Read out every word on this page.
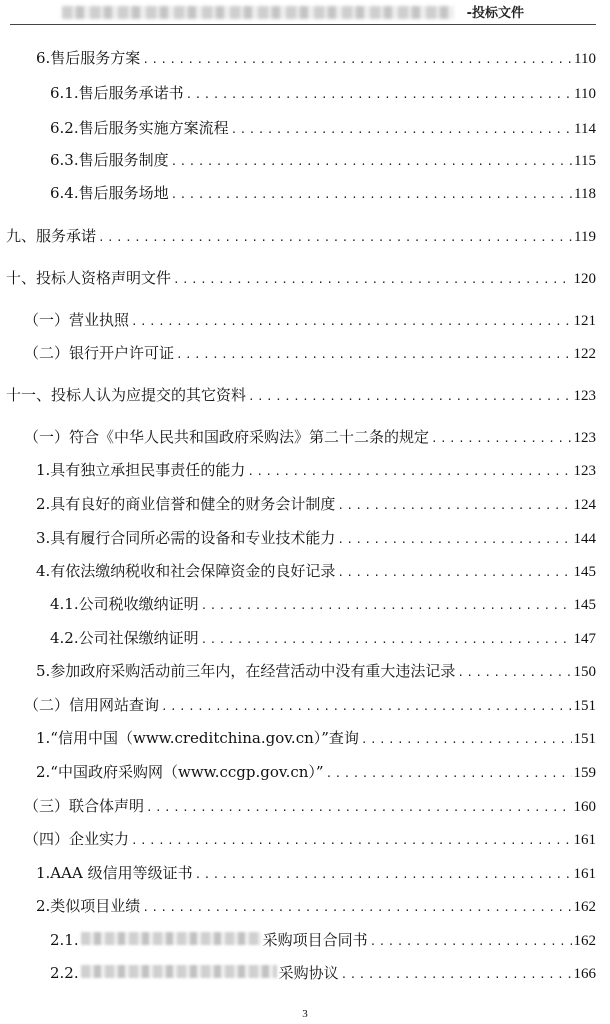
-投标文件
6.售后服务方案 .....	110
6.1.售后服务承诺书 .....	110
6.2.售后服务实施方案流程 .....	114
6.3.售后服务制度 .....	115
6.4.售后服务场地 .....	118
九、服务承诺 .....	119
十、投标人资格声明文件 .....	120
（一）营业执照 .....	121
（二）银行开户许可证 .....	122
十一、投标人认为应提交的其它资料 .....	123
（一）符合《中华人民共和国政府采购法》第二十二条的规定 .....	123
1.具有独立承担民事责任的能力 .....	123
2.具有良好的商业信誉和健全的财务会计制度 .....	124
3.具有履行合同所必需的设备和专业技术能力 .....	144
4.有依法缴纳税收和社会保障资金的良好记录 .....	145
4.1.公司税收缴纳证明 .....	145
4.2.公司社保缴纳证明 .....	147
5.参加政府采购活动前三年内，在经营活动中没有重大违法记录 .....	150
（二）信用网站查询 .....	151
1.“信用中国（www.creditchina.gov.cn）”查询 .....	151
2.“中国政府采购网（www.ccgp.gov.cn）” .....	159
（三）联合体声明 .....	160
（四）企业实力 .....	161
1.AAA 级信用等级证书 .....	161
2.类似项目业绩 .....	162
2.1.	采购项目合同书 .....	162
2.2.	采购协议 .....	166
3
